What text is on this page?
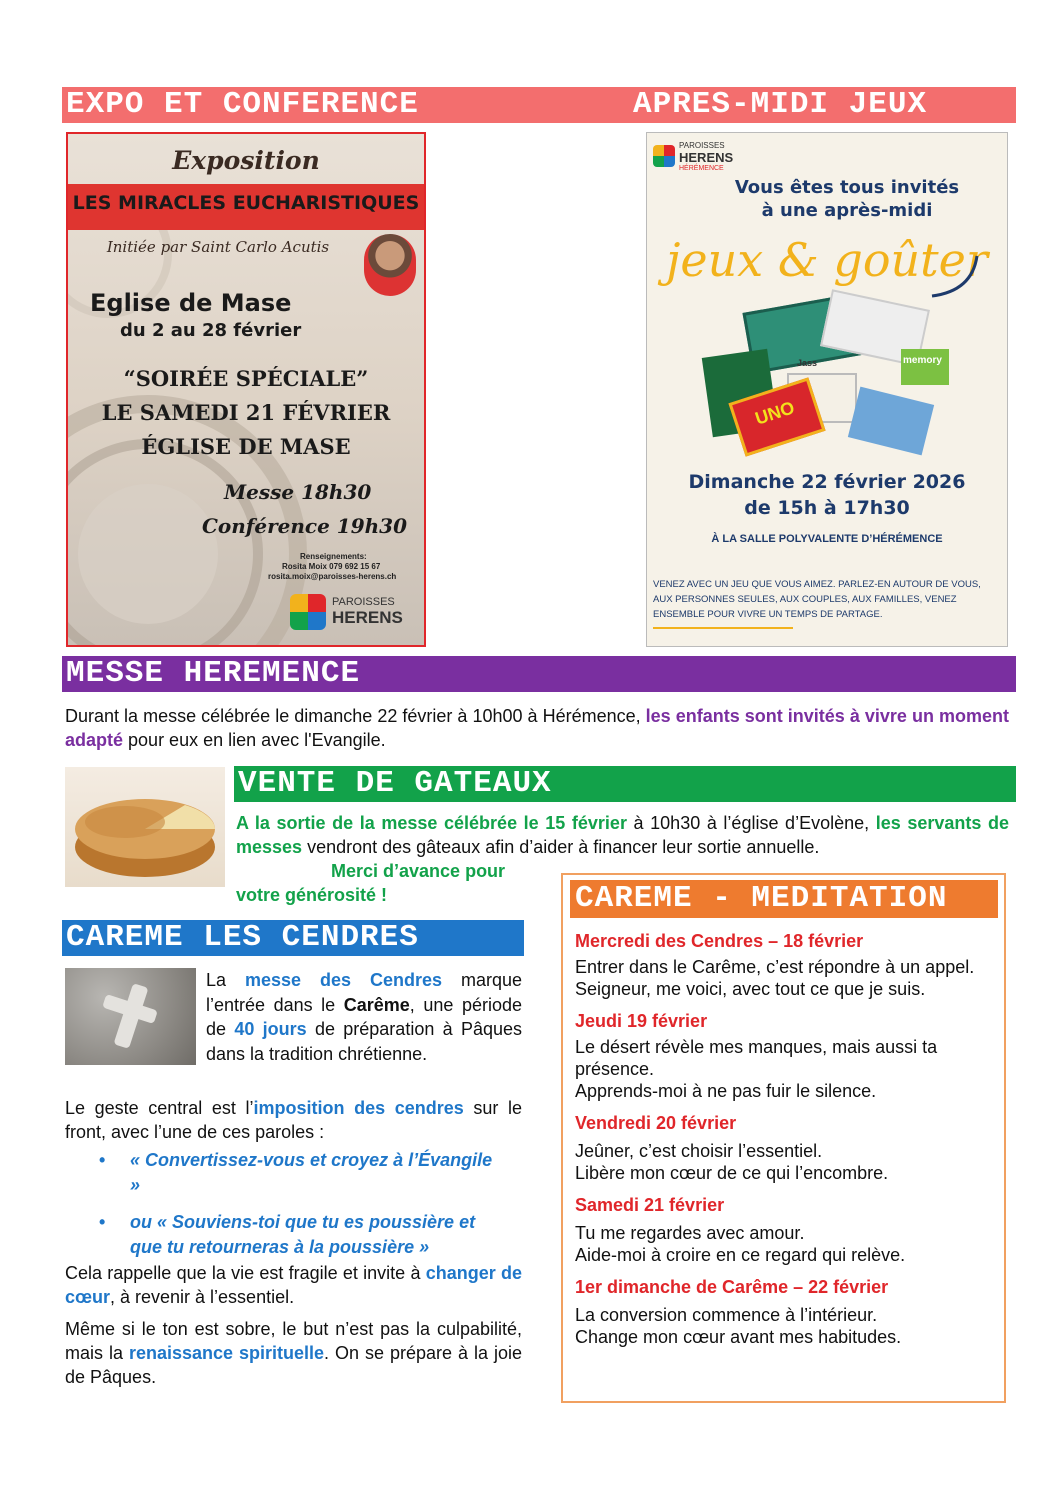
EXPO ET CONFERENCE	APRES-MIDI JEUX
Exposition
LES MIRACLES EUCHARISTIQUES
Initiée par Saint Carlo Acutis
Eglise de Mase
du 2 au 28 février
“SOIRÉE SPÉCIALE”
LE SAMEDI 21 FÉVRIER
ÉGLISE DE MASE
Messe 18h30
Conférence 19h30
Renseignements:
Rosita Moix 079 692 15 67
rosita.moix@paroisses-herens.ch
PAROISSES
HERENS
PAROISSES
HERENS
HÉRÉMENCE
Vous êtes tous invités
à une après-midi
jeux & goûter
Jass	memory
UNO
Dimanche 22 février 2026
de 15h à 17h30
À LA SALLE POLYVALENTE D’HÉRÉMENCE
VENEZ AVEC UN JEU QUE VOUS AIMEZ. PARLEZ-EN AUTOUR DE VOUS, AUX PERSONNES SEULES, AUX COUPLES, AUX FAMILLES, VENEZ ENSEMBLE POUR VIVRE UN TEMPS DE PARTAGE.
MESSE HEREMENCE

Durant la messe célébrée le dimanche 22 février à 10h00 à Hérémence, les enfants sont invités à vivre un moment adapté pour eux en lien avec l'Evangile.

VENTE DE GATEAUX

A la sortie de la messe célébrée le 15 février à 10h30 à l’église d’Evolène, les servants de messes vendront des gâteaux afin d’aider à financer leur sortie annuelle.

CAREME LES CENDRES

La messe des Cendres marque l’entrée dans le Carême, une période de 40 jours de préparation à Pâques dans la tradition chrétienne.

Le geste central est l’imposition des cendres sur le front, avec l’une de ces paroles :

• « Convertissez-vous et croyez à l’Évangile »
• ou « Souviens-toi que tu es poussière et que tu retourneras à la poussière »

Cela rappelle que la vie est fragile et invite à changer de cœur, à revenir à l’essentiel.

Même si le ton est sobre, le but n’est pas la culpabilité, mais la renaissance spirituelle. On se prépare à la joie de Pâques.

CAREME - MEDITATION
Mercredi des Cendres – 18 février
Entrer dans le Carême, c’est répondre à un appel.
Seigneur, me voici, avec tout ce que je suis.
Jeudi 19 février
Le désert révèle mes manques, mais aussi ta présence.
Apprends-moi à ne pas fuir le silence.
Vendredi 20 février
Jeûner, c’est choisir l’essentiel.
Libère mon cœur de ce qui l’encombre.
Samedi 21 février
Tu me regardes avec amour.
Aide-moi à croire en ce regard qui relève.
1er dimanche de Carême – 22 février
La conversion commence à l’intérieur.
Change mon cœur avant mes habitudes.

Merci d’avance pour votre générosité !
